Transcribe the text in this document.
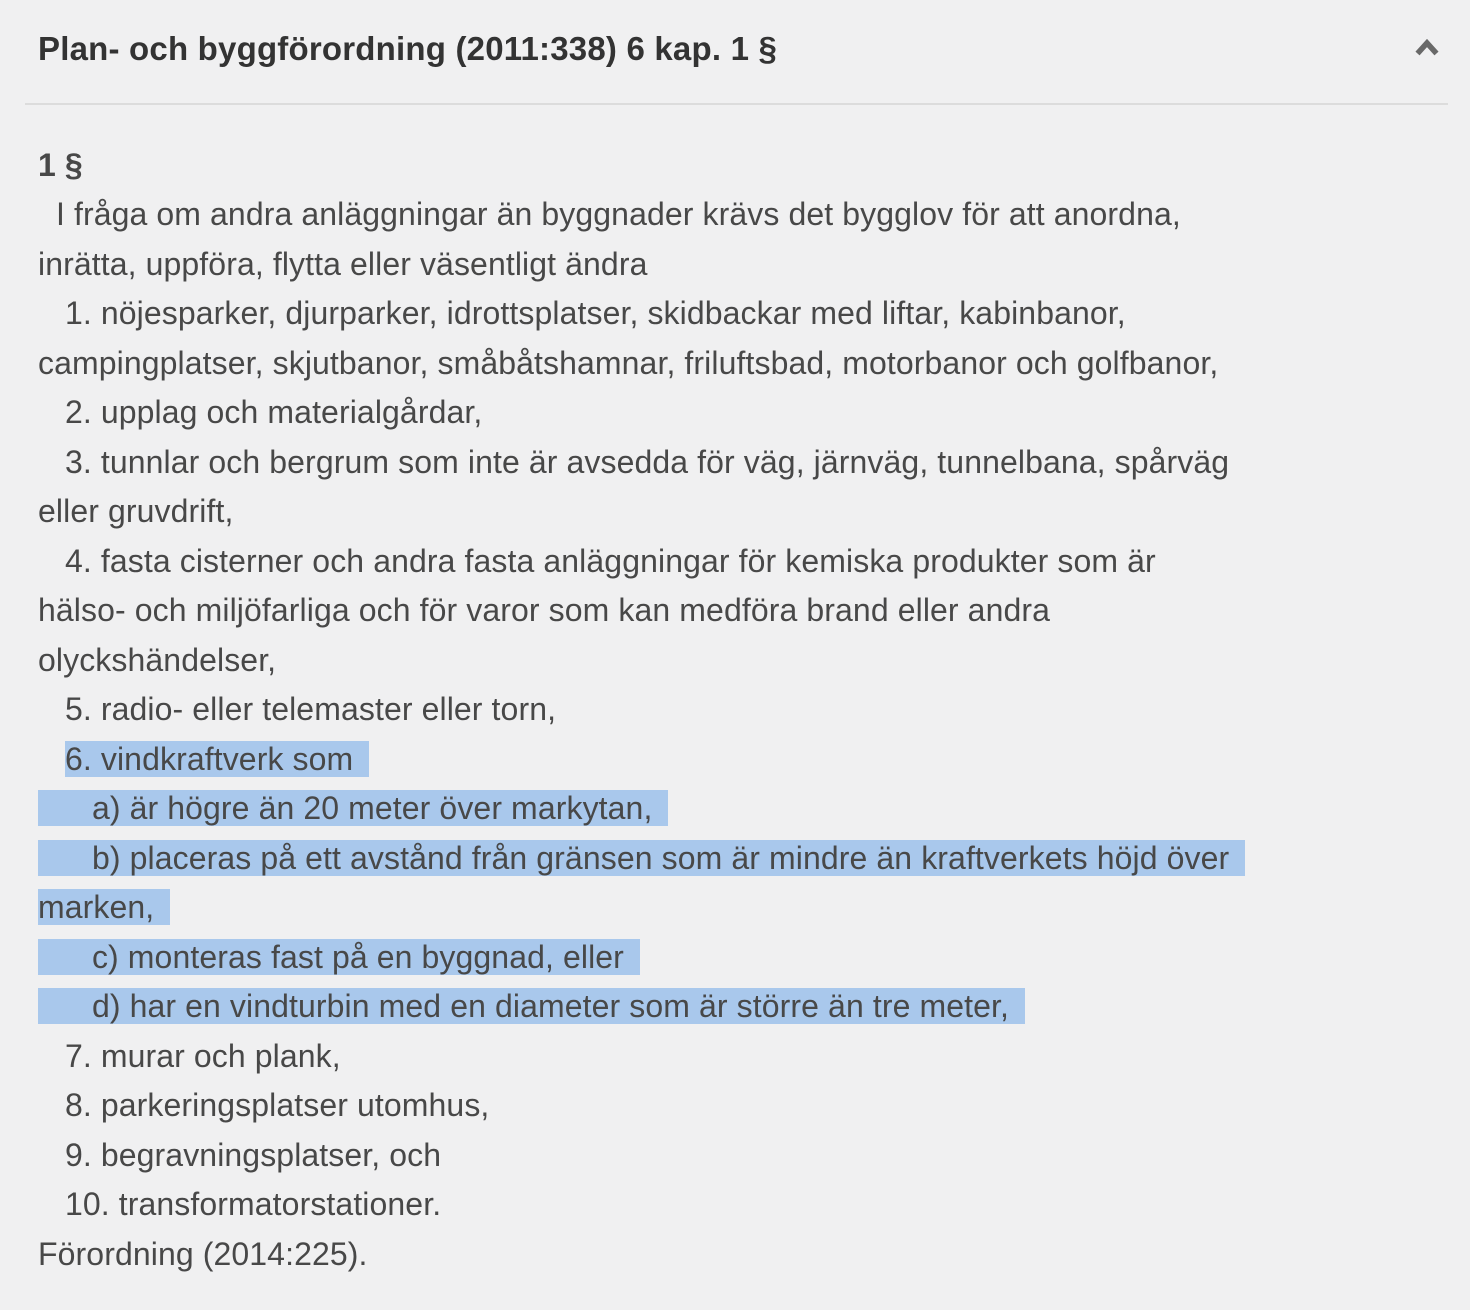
Plan- och byggförordning (2011:338) 6 kap. 1 §
1 §
I fråga om andra anläggningar än byggnader krävs det bygglov för att anordna,
inrätta, uppföra, flytta eller väsentligt ändra
1. nöjesparker, djurparker, idrottsplatser, skidbackar med liftar, kabinbanor,
campingplatser, skjutbanor, småbåtshamnar, friluftsbad, motorbanor och golfbanor,
2. upplag och materialgårdar,
3. tunnlar och bergrum som inte är avsedda för väg, järnväg, tunnelbana, spårväg
eller gruvdrift,
4. fasta cisterner och andra fasta anläggningar för kemiska produkter som är
hälso- och miljöfarliga och för varor som kan medföra brand eller andra
olyckshändelser,
5. radio- eller telemaster eller torn,
6. vindkraftverk som
a) är högre än 20 meter över markytan,
b) placeras på ett avstånd från gränsen som är mindre än kraftverkets höjd över
marken,
c) monteras fast på en byggnad, eller
d) har en vindturbin med en diameter som är större än tre meter,
7. murar och plank,
8. parkeringsplatser utomhus,
9. begravningsplatser, och
10. transformatorstationer.
Förordning (2014:225).
